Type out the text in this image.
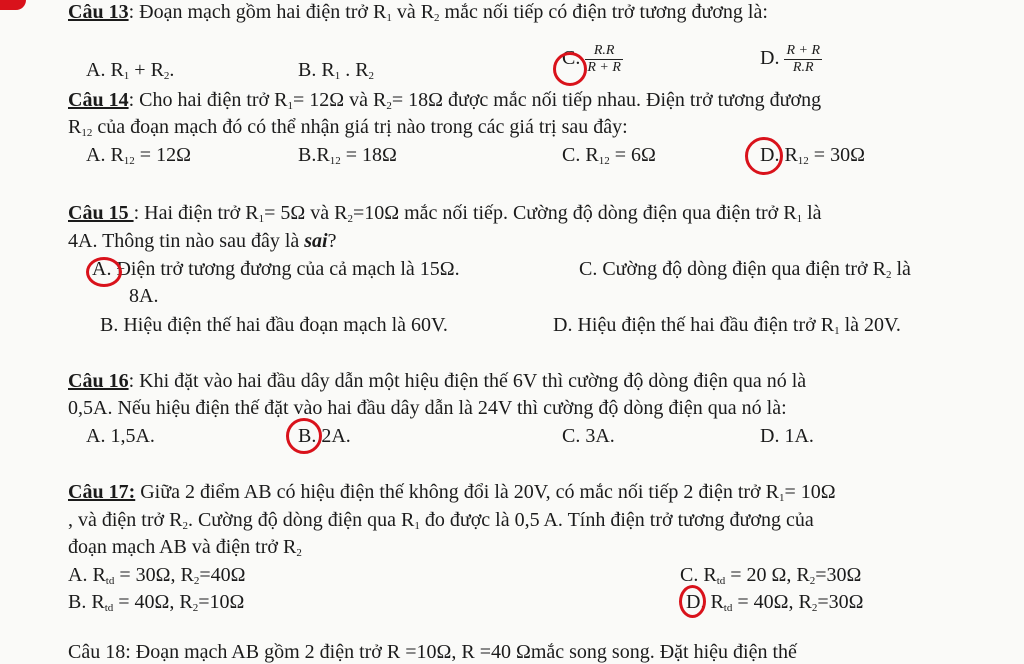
Câu 13: Đoạn mạch gồm hai điện trở $R_1$ và $R_2$ mắc nối tiếp có điện trở tương đương là:
A. $R_1 + R_2$.	B. $R_1$ . $R_2$
C. $\frac{R.R}{R + R}$	D. $\frac{R + R}{R.R}$
Câu 14: Cho hai điện trở $R_1= 12\Omega$ và $R_2= 18\Omega$ được mắc nối tiếp nhau. Điện trở tương đương
$R_{12}$ của đoạn mạch đó có thể nhận giá trị nào trong các giá trị sau đây:
A. $R_{12} = 12\Omega$	$B.R_{12} = 18\Omega$	C. $R_{12} = 6\Omega$	D. $R_{12} = 30\Omega$
Câu 15 : Hai điện trở $R_1= 5\Omega$ và $R_2=10\Omega$ mắc nối tiếp. Cường độ dòng điện qua điện trở $R_1$ là
4A. Thông tin nào sau đây là sai?
A. Điện trở tương đương của cả mạch là 15Ω.	C. Cường độ dòng điện qua điện trở $R_2$ là
8A.
B. Hiệu điện thế hai đầu đoạn mạch là 60V.	D. Hiệu điện thế hai đầu điện trở $R_1$ là 20V.
Câu 16: Khi đặt vào hai đầu dây dẫn một hiệu điện thế 6V thì cường độ dòng điện qua nó là
0,5A. Nếu hiệu điện thế đặt vào hai đầu dây dẫn là 24V thì cường độ dòng điện qua nó là:
A. 1,5A.	B. 2A.	C. 3A.	D. 1A.
Câu 17: Giữa 2 điểm AB có hiệu điện thế không đổi là 20V, có mắc nối tiếp 2 điện trở $R_1= 10\Omega$
, và điện trở $R_2$. Cường độ dòng điện qua $R_1$ đo được là 0,5 A. Tính điện trở tương đương của
đoạn mạch AB và điện trở $R_2$
A. $R_{td} = 30\Omega$, $R_2=40\Omega$
B. $R_{td} = 40\Omega$, $R_2=10\Omega$
C. $R_{td} = 20$ Ω, $R_2=30\Omega$
D. $R_{td} = 40\Omega$, $R_2=30\Omega$
Câu 18: Đoạn mạch AB gồm 2 điện trở R =10Ω, R =40 Ωmắc song song. Đặt hiệu điện thế
